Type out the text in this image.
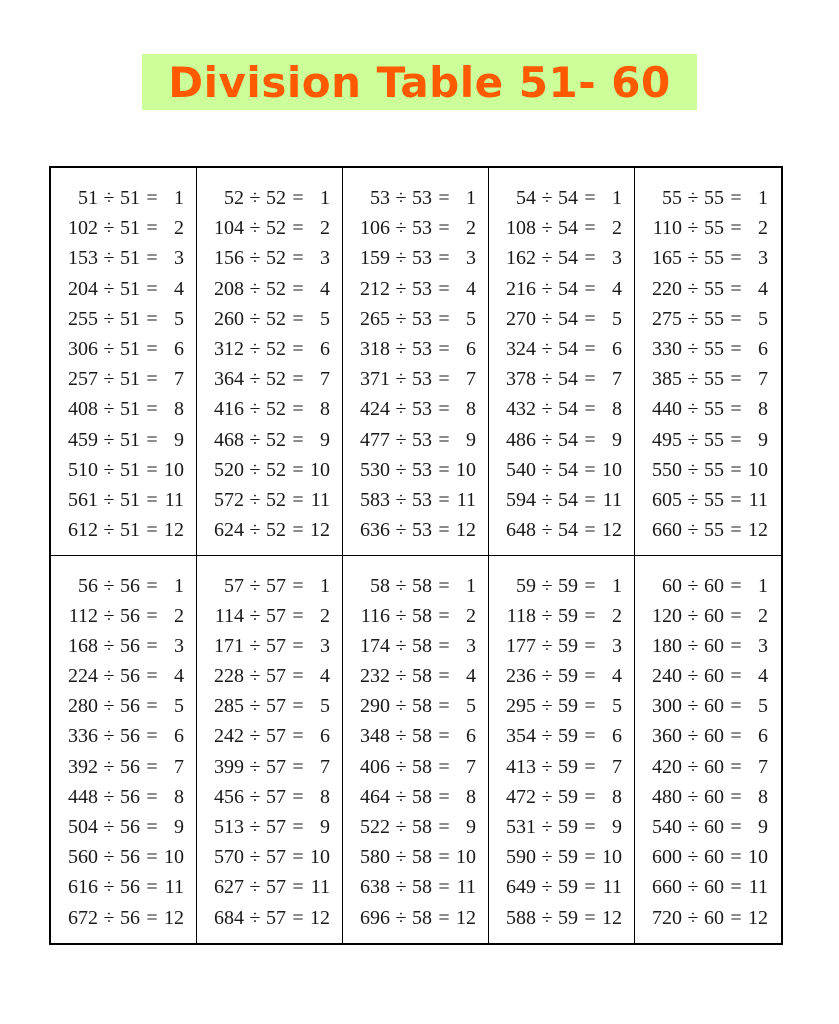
Division Table 51- 60
51 ÷ 51 = 1
102 ÷ 51 = 2
153 ÷ 51 = 3
204 ÷ 51 = 4
255 ÷ 51 = 5
306 ÷ 51 = 6
257 ÷ 51 = 7
408 ÷ 51 = 8
459 ÷ 51 = 9
510 ÷ 51 = 10
561 ÷ 51 = 11
612 ÷ 51 = 12
52 ÷ 52 = 1
104 ÷ 52 = 2
156 ÷ 52 = 3
208 ÷ 52 = 4
260 ÷ 52 = 5
312 ÷ 52 = 6
364 ÷ 52 = 7
416 ÷ 52 = 8
468 ÷ 52 = 9
520 ÷ 52 = 10
572 ÷ 52 = 11
624 ÷ 52 = 12
53 ÷ 53 = 1
106 ÷ 53 = 2
159 ÷ 53 = 3
212 ÷ 53 = 4
265 ÷ 53 = 5
318 ÷ 53 = 6
371 ÷ 53 = 7
424 ÷ 53 = 8
477 ÷ 53 = 9
530 ÷ 53 = 10
583 ÷ 53 = 11
636 ÷ 53 = 12
54 ÷ 54 = 1
108 ÷ 54 = 2
162 ÷ 54 = 3
216 ÷ 54 = 4
270 ÷ 54 = 5
324 ÷ 54 = 6
378 ÷ 54 = 7
432 ÷ 54 = 8
486 ÷ 54 = 9
540 ÷ 54 = 10
594 ÷ 54 = 11
648 ÷ 54 = 12
55 ÷ 55 = 1
110 ÷ 55 = 2
165 ÷ 55 = 3
220 ÷ 55 = 4
275 ÷ 55 = 5
330 ÷ 55 = 6
385 ÷ 55 = 7
440 ÷ 55 = 8
495 ÷ 55 = 9
550 ÷ 55 = 10
605 ÷ 55 = 11
660 ÷ 55 = 12
56 ÷ 56 = 1
112 ÷ 56 = 2
168 ÷ 56 = 3
224 ÷ 56 = 4
280 ÷ 56 = 5
336 ÷ 56 = 6
392 ÷ 56 = 7
448 ÷ 56 = 8
504 ÷ 56 = 9
560 ÷ 56 = 10
616 ÷ 56 = 11
672 ÷ 56 = 12
57 ÷ 57 = 1
114 ÷ 57 = 2
171 ÷ 57 = 3
228 ÷ 57 = 4
285 ÷ 57 = 5
242 ÷ 57 = 6
399 ÷ 57 = 7
456 ÷ 57 = 8
513 ÷ 57 = 9
570 ÷ 57 = 10
627 ÷ 57 = 11
684 ÷ 57 = 12
58 ÷ 58 = 1
116 ÷ 58 = 2
174 ÷ 58 = 3
232 ÷ 58 = 4
290 ÷ 58 = 5
348 ÷ 58 = 6
406 ÷ 58 = 7
464 ÷ 58 = 8
522 ÷ 58 = 9
580 ÷ 58 = 10
638 ÷ 58 = 11
696 ÷ 58 = 12
59 ÷ 59 = 1
118 ÷ 59 = 2
177 ÷ 59 = 3
236 ÷ 59 = 4
295 ÷ 59 = 5
354 ÷ 59 = 6
413 ÷ 59 = 7
472 ÷ 59 = 8
531 ÷ 59 = 9
590 ÷ 59 = 10
649 ÷ 59 = 11
588 ÷ 59 = 12
60 ÷ 60 = 1
120 ÷ 60 = 2
180 ÷ 60 = 3
240 ÷ 60 = 4
300 ÷ 60 = 5
360 ÷ 60 = 6
420 ÷ 60 = 7
480 ÷ 60 = 8
540 ÷ 60 = 9
600 ÷ 60 = 10
660 ÷ 60 = 11
720 ÷ 60 = 12
